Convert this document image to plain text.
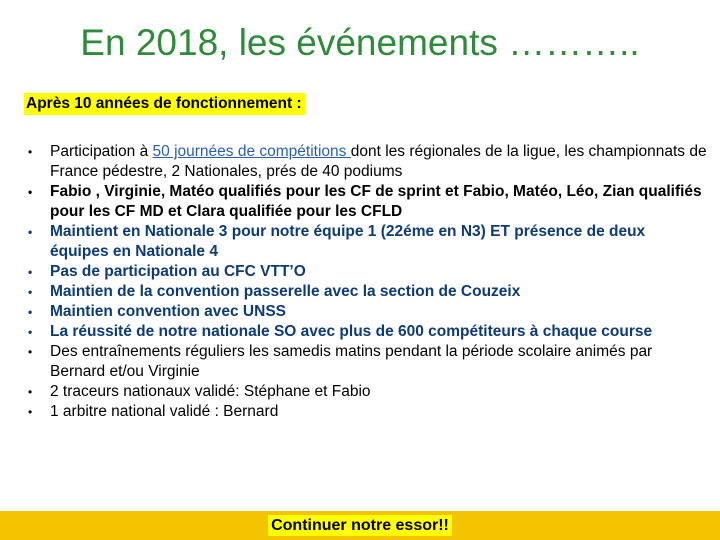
En 2018, les événements ………..
Après 10 années de fonctionnement :
• Participation à 50 journées de compétitions dont les régionales de la ligue, les championnats de France pédestre, 2 Nationales, prés de 40 podiums
• Fabio , Virginie, Matéo qualifiés pour les CF de sprint et Fabio, Matéo, Léo, Zian qualifiés pour les CF MD et Clara qualifiée pour les CFLD
• Maintient en Nationale 3 pour notre équipe 1 (22éme en N3) ET présence de deux équipes en Nationale 4
• Pas de participation au CFC VTT’O
• Maintien de la convention passerelle avec la section de Couzeix
• Maintien convention avec UNSS
• La réussité de notre nationale SO avec plus de 600 compétiteurs à chaque course
• Des entraînements réguliers les samedis matins pendant la période scolaire animés par Bernard et/ou Virginie
• 2 traceurs nationaux validé: Stéphane et Fabio
• 1 arbitre national validé : Bernard
Continuer notre essor!!
